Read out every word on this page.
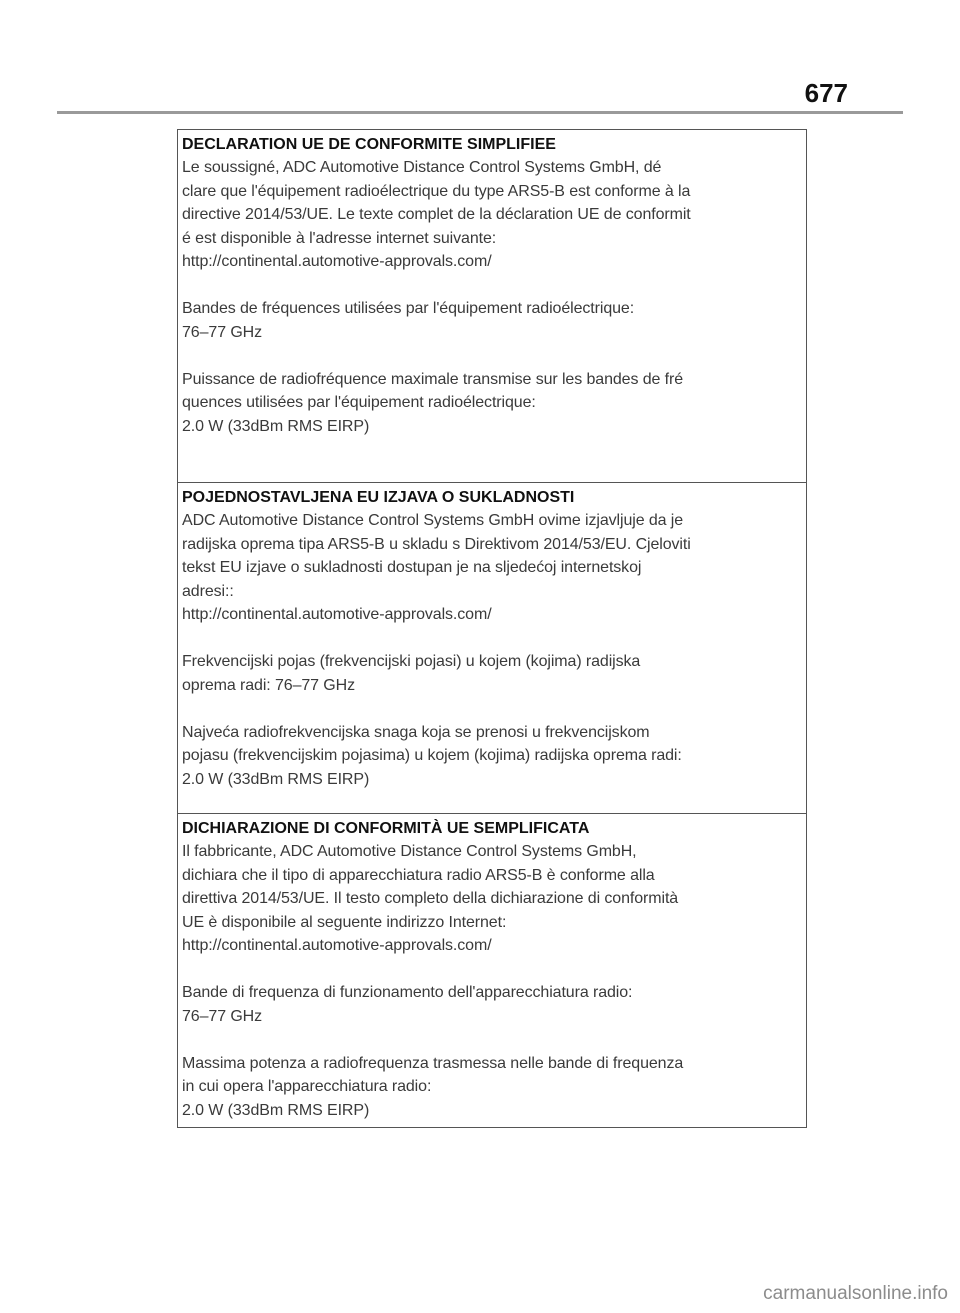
677
DECLARATION UE DE CONFORMITE SIMPLIFIEE
Le soussigné, ADC Automotive Distance Control Systems GmbH, dé
clare que l'équipement radioélectrique du type ARS5-B est conforme à la
directive 2014/53/UE. Le texte complet de la déclaration UE de conformit
é est disponible à l'adresse internet suivante:
http://continental.automotive-approvals.com/
Bandes de fréquences utilisées par l'équipement radioélectrique:
76–77 GHz
Puissance de radiofréquence maximale transmise sur les bandes de fré
quences utilisées par l'équipement radioélectrique:
2.0 W (33dBm RMS EIRP)
POJEDNOSTAVLJENA EU IZJAVA O SUKLADNOSTI
ADC Automotive Distance Control Systems GmbH ovime izjavljuje da je
radijska oprema tipa ARS5-B u skladu s Direktivom 2014/53/EU. Cjeloviti
tekst EU izjave o sukladnosti dostupan je na sljedećoj internetskoj
adresi::
http://continental.automotive-approvals.com/
Frekvencijski pojas (frekvencijski pojasi) u kojem (kojima) radijska
oprema radi: 76–77 GHz
Najveća radiofrekvencijska snaga koja se prenosi u frekvencijskom
pojasu (frekvencijskim pojasima) u kojem (kojima) radijska oprema radi:
2.0 W (33dBm RMS EIRP)
DICHIARAZIONE DI CONFORMITÀ UE SEMPLIFICATA
Il fabbricante, ADC Automotive Distance Control Systems GmbH,
dichiara che il tipo di apparecchiatura radio ARS5-B è conforme alla
direttiva 2014/53/UE. Il testo completo della dichiarazione di conformità
UE è disponibile al seguente indirizzo Internet:
http://continental.automotive-approvals.com/
Bande di frequenza di funzionamento dell'apparecchiatura radio:
76–77 GHz
Massima potenza a radiofrequenza trasmessa nelle bande di frequenza
in cui opera l'apparecchiatura radio:
2.0 W (33dBm RMS EIRP)
carmanualsonline.info
